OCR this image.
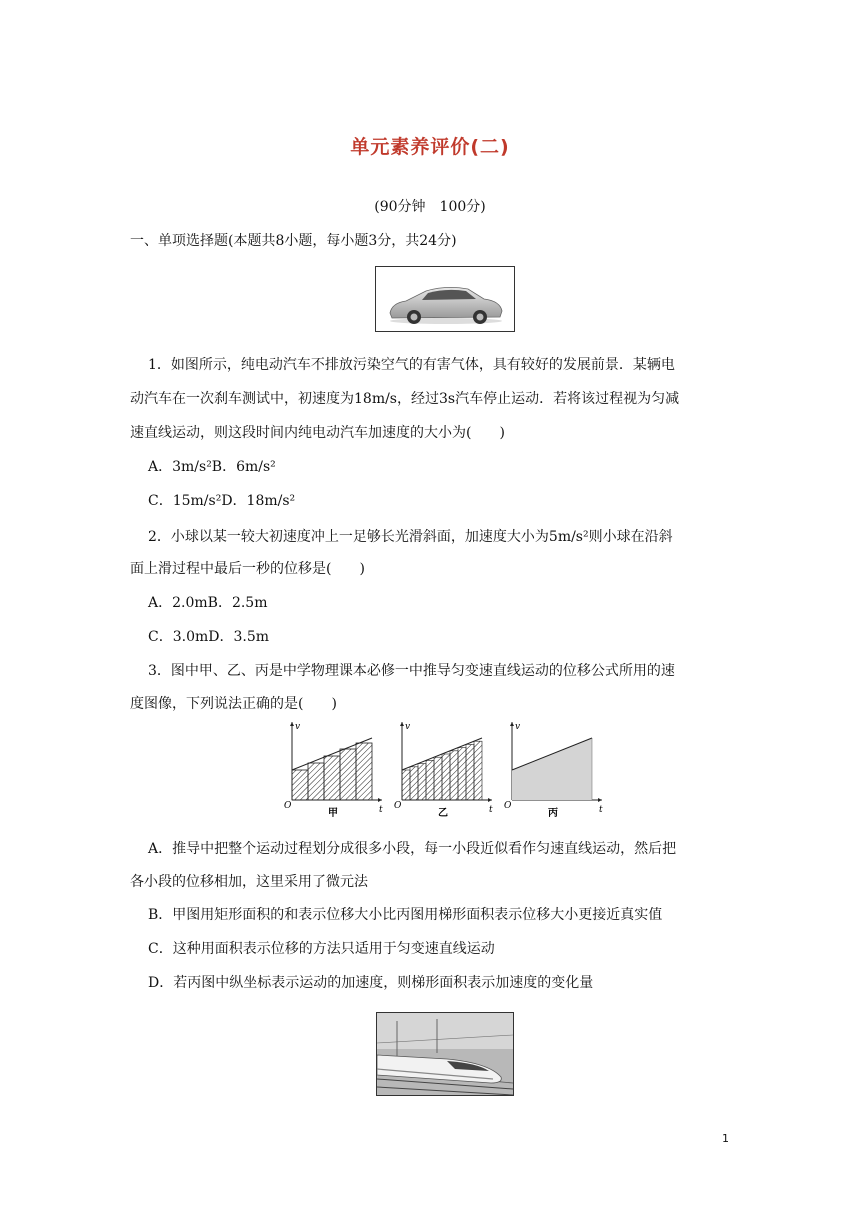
单元素养评价(二)
(90分钟　100分)
一、单项选择题(本题共8小题，每小题3分，共24分)
1．如图所示，纯电动汽车不排放污染空气的有害气体，具有较好的发展前景．某辆电
动汽车在一次刹车测试中，初速度为18m/s，经过3s汽车停止运动．若将该过程视为匀减
速直线运动，则这段时间内纯电动汽车加速度的大小为(　　)
A．3m/s²B．6m/s²
C．15m/s²D．18m/s²
2．小球以某一较大初速度冲上一足够长光滑斜面，加速度大小为5m/s²则小球在沿斜
面上滑过程中最后一秒的位移是(　　)
A．2.0mB．2.5m
C．3.0mD．3.5m
3．图中甲、乙、丙是中学物理课本必修一中推导匀变速直线运动的位移公式所用的速
度图像，下列说法正确的是(　　)
v
t
O
甲
v
t
O
乙
v
t
O
丙
A．推导中把整个运动过程划分成很多小段，每一小段近似看作匀速直线运动，然后把
各小段的位移相加，这里采用了微元法
B．甲图用矩形面积的和表示位移大小比丙图用梯形面积表示位移大小更接近真实值
C．这种用面积表示位移的方法只适用于匀变速直线运动
D．若丙图中纵坐标表示运动的加速度，则梯形面积表示加速度的变化量
1
